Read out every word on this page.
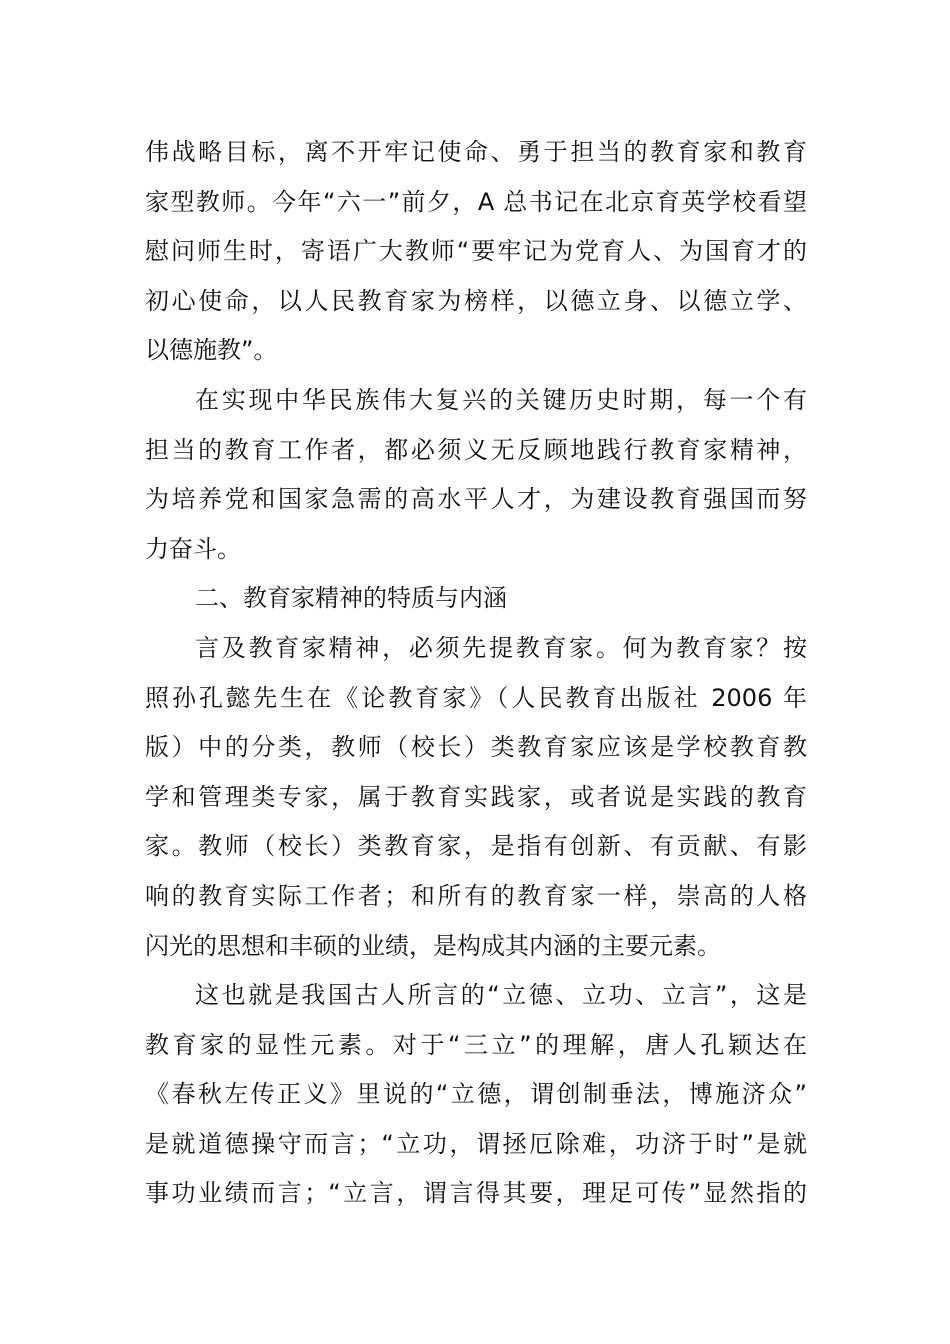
伟战略目标，离不开牢记使命、勇于担当的教育家和教育
家型教师。今年“六一”前夕，A 总书记在北京育英学校看望
慰问师生时，寄语广大教师“要牢记为党育人、为国育才的
初心使命，以人民教育家为榜样，以德立身、以德立学、
以德施教”。
在实现中华民族伟大复兴的关键历史时期，每一个有
担当的教育工作者，都必须义无反顾地践行教育家精神，
为培养党和国家急需的高水平人才，为建设教育强国而努
力奋斗。
二、教育家精神的特质与内涵
言及教育家精神，必须先提教育家。何为教育家？按
照孙孔懿先生在《论教育家》（人民教育出版社 2006 年
版）中的分类，教师（校长）类教育家应该是学校教育教
学和管理类专家，属于教育实践家，或者说是实践的教育
家。教师（校长）类教育家，是指有创新、有贡献、有影
响的教育实际工作者；和所有的教育家一样，崇高的人格
闪光的思想和丰硕的业绩，是构成其内涵的主要元素。
这也就是我国古人所言的“立德、立功、立言”，这是
教育家的显性元素。对于“三立”的理解，唐人孔颖达在
《春秋左传正义》里说的“立德，谓创制垂法，博施济众”
是就道德操守而言；“立功，谓拯厄除难，功济于时”是就
事功业绩而言；“立言，谓言得其要，理足可传”显然指的
